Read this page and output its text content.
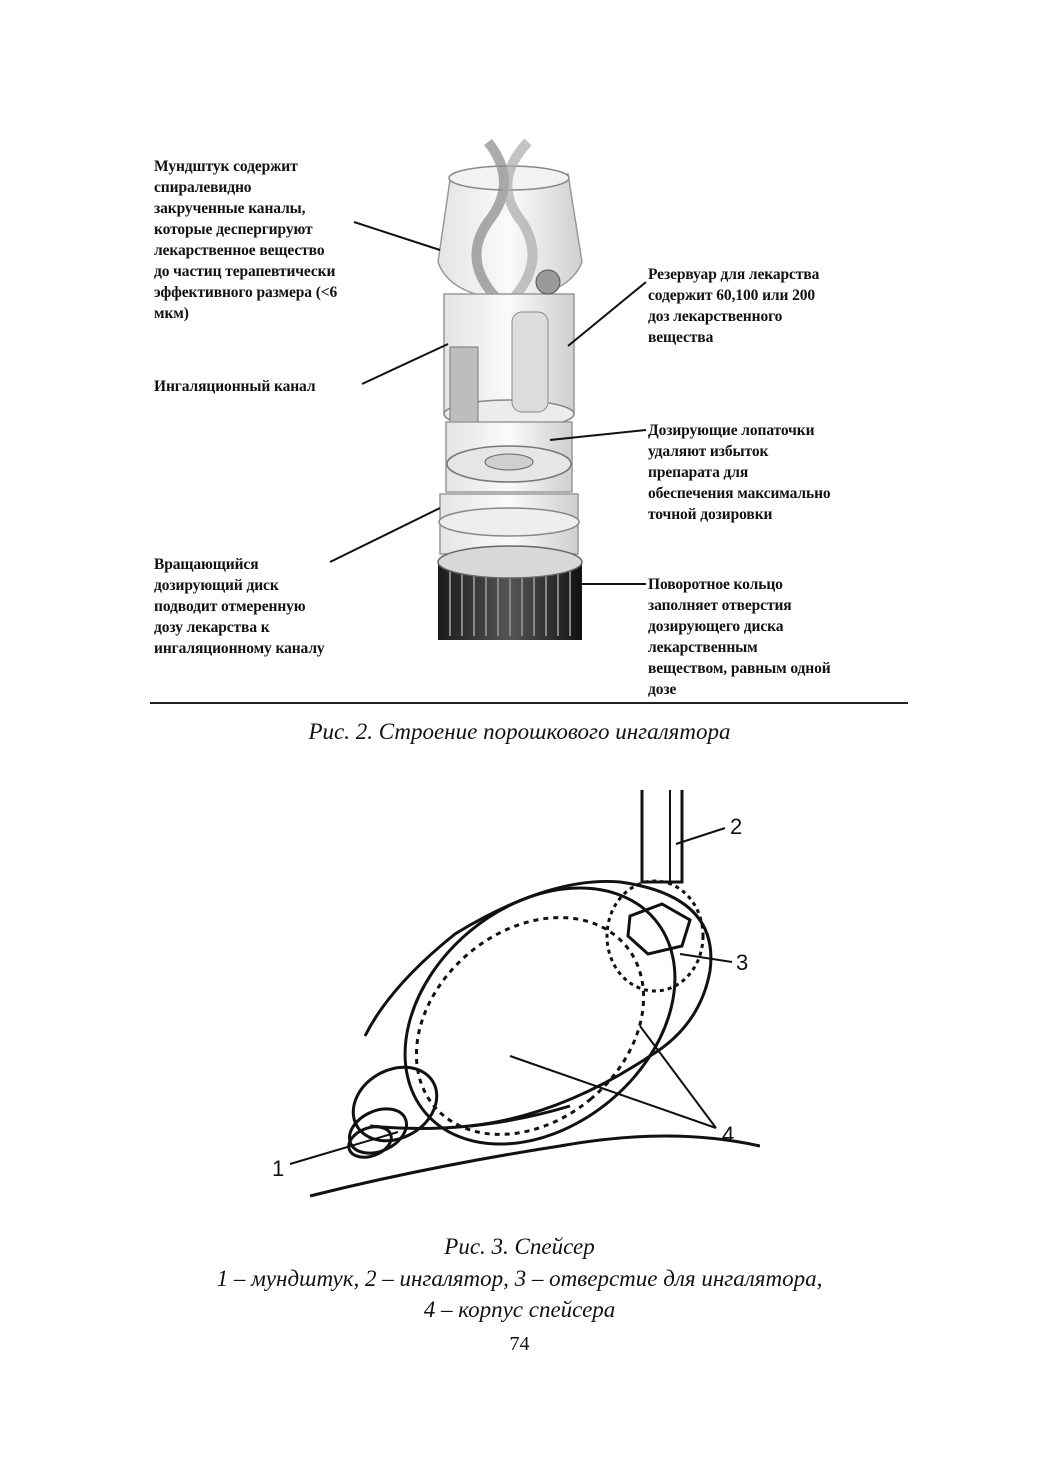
Мундштук содержит
спиралевидно
закрученные каналы,
которые деспергируют
лекарственное вещество
до частиц терапевтически
эффективного размера (<6
мкм)
Ингаляционный канал
Резервуар для лекарства
содержит 60,100 или 200
доз лекарственного
вещества
Дозирующие лопаточки
удаляют избыток
препарата для
обеспечения максимально
точной дозировки
Вращающийся
дозирующий диск
подводит отмеренную
дозу лекарства к
ингаляционному каналу
Поворотное кольцо
заполняет отверстия
дозирующего диска
лекарственным
веществом, равным одной
дозе
Рис. 2. Строение порошкового ингалятора
1
2
3
4
Рис. 3. Спейсер
1 – мундштук, 2 – ингалятор, 3 – отверстие для ингалятора,
4 – корпус спейсера
74
